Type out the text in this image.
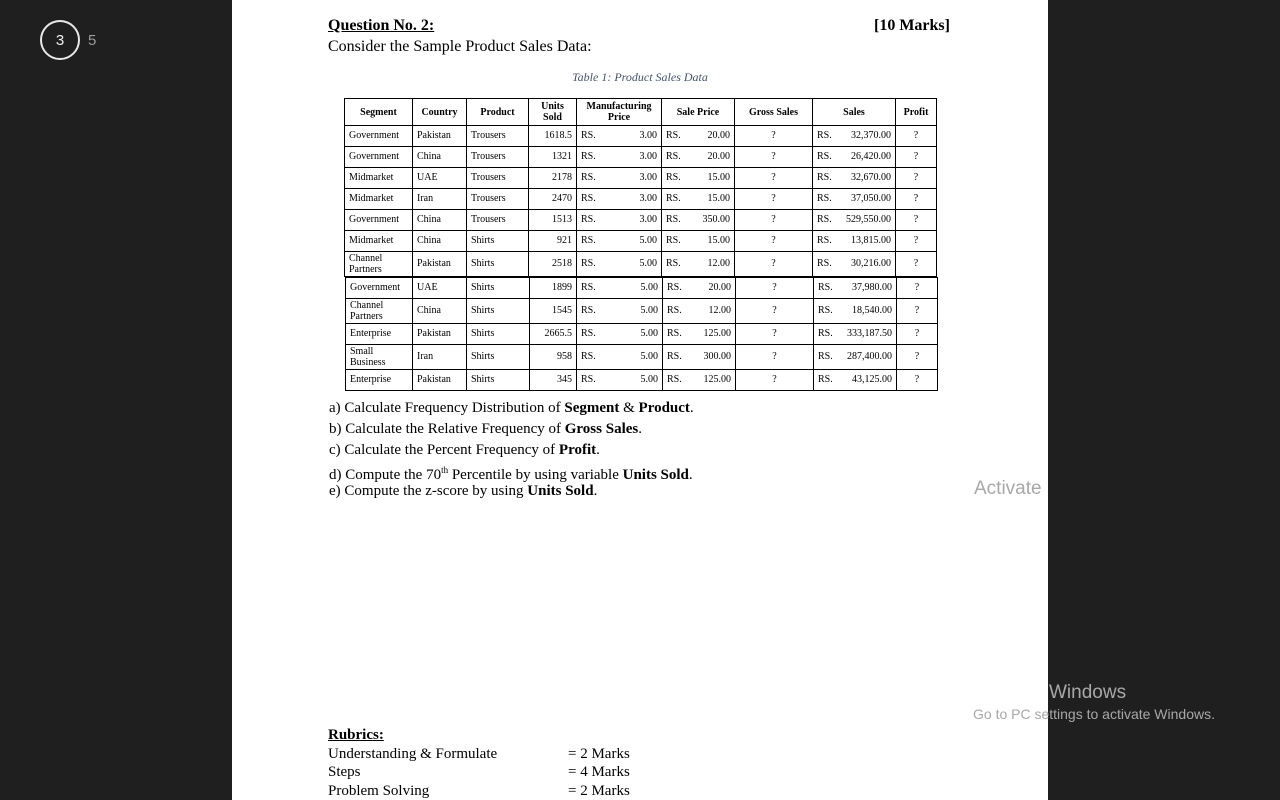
3	5
Question No. 2:	[10 Marks]
Consider the Sample Product Sales Data:
Table 1: Product Sales Data
Segment	Country	Product	Units Sold	Manufacturing Price	Sale Price	Gross Sales	Sales	Profit
Government	Pakistan	Trousers	1618.5	RS. 3.00	RS. 20.00	?	RS. 32,370.00	?
Government	China	Trousers	1321	RS. 3.00	RS. 20.00	?	RS. 26,420.00	?
Midmarket	UAE	Trousers	2178	RS. 3.00	RS. 15.00	?	RS. 32,670.00	?
Midmarket	Iran	Trousers	2470	RS. 3.00	RS. 15.00	?	RS. 37,050.00	?
Government	China	Trousers	1513	RS. 3.00	RS. 350.00	?	RS. 529,550.00	?
Midmarket	China	Shirts	921	RS. 5.00	RS. 15.00	?	RS. 13,815.00	?
Channel Partners	Pakistan	Shirts	2518	RS. 5.00	RS. 12.00	?	RS. 30,216.00	?
Government	UAE	Shirts	1899	RS. 5.00	RS. 20.00	?	RS. 37,980.00	?
Channel Partners	China	Shirts	1545	RS. 5.00	RS. 12.00	?	RS. 18,540.00	?
Enterprise	Pakistan	Shirts	2665.5	RS. 5.00	RS. 125.00	?	RS. 333,187.50	?
Small Business	Iran	Shirts	958	RS. 5.00	RS. 300.00	?	RS. 287,400.00	?
Enterprise	Pakistan	Shirts	345	RS. 5.00	RS. 125.00	?	RS. 43,125.00	?
a) Calculate Frequency Distribution of Segment & Product.
b) Calculate the Relative Frequency of Gross Sales.
c) Calculate the Percent Frequency of Profit.
d) Compute the 70th Percentile by using variable Units Sold.
e) Compute the z-score by using Units Sold.
Rubrics:
Understanding & Formulate	= 2 Marks
Steps	= 4 Marks
Problem Solving	= 2 Marks
Activate
Windows
Go to PC settings to activate Windows.
